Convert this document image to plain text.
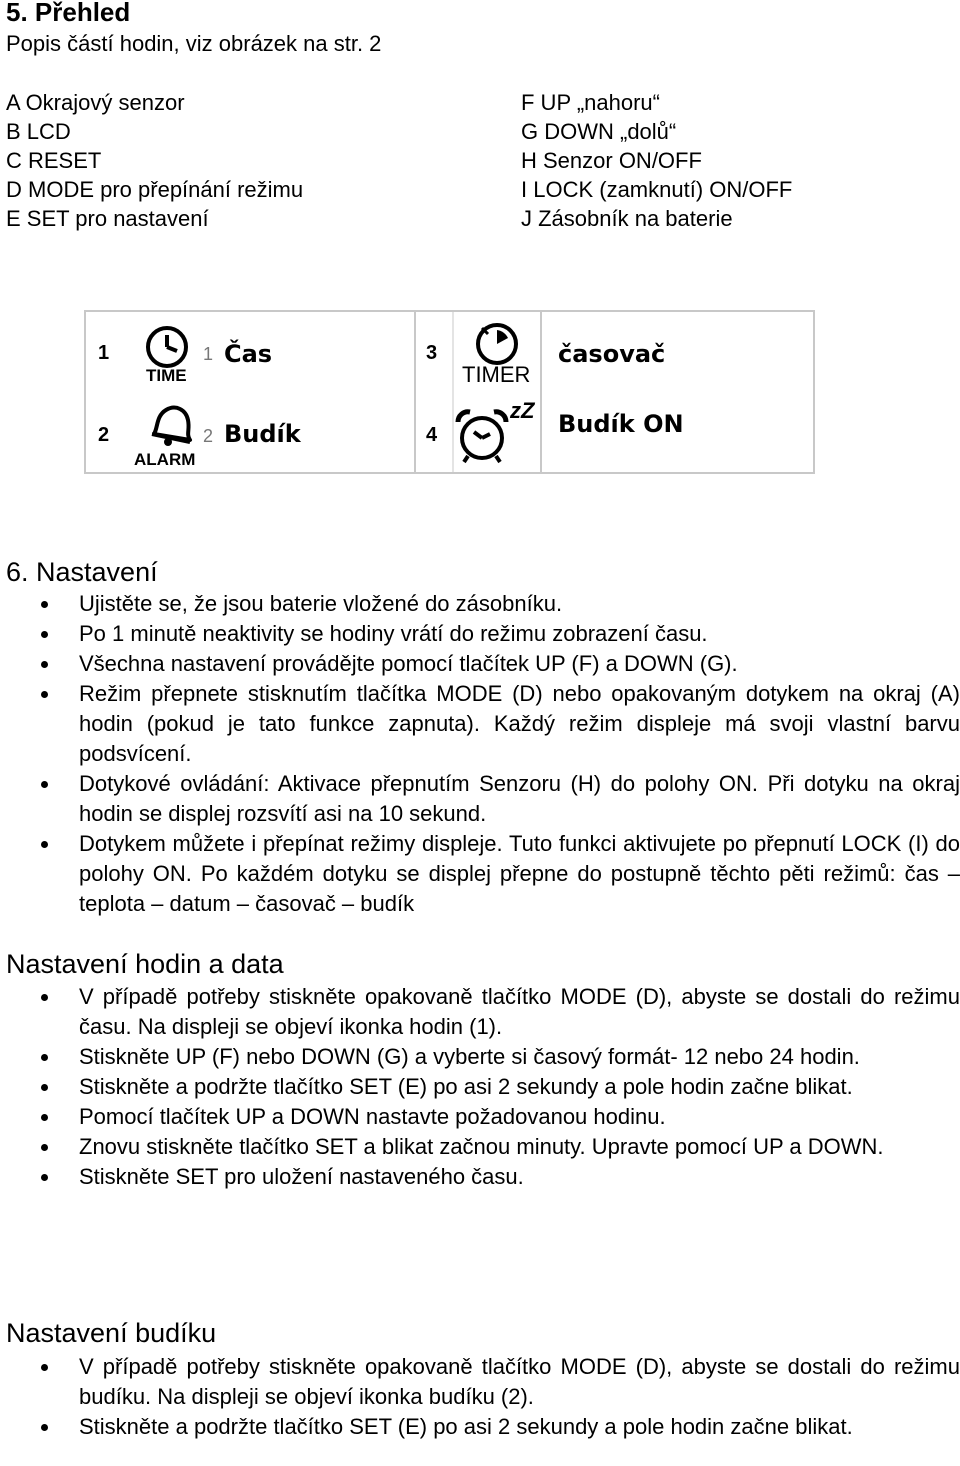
5. Přehled
Popis částí hodin, viz obrázek na str. 2
A Okrajový senzor
B LCD
C RESET
D MODE pro přepínání režimu
E SET pro nastavení
F UP „nahoru“
G DOWN „dolů“
H Senzor ON/OFF
I LOCK (zamknutí) ON/OFF
J Zásobník na baterie
1
TIME
1 Čas
2
ALARM
2 Budík
3
TIMER
časovač
4
zZ Budík ON
6. Nastavení
Ujistěte se, že jsou baterie vložené do zásobníku.
Po 1 minutě neaktivity se hodiny vrátí do režimu zobrazení času.
Všechna nastavení provádějte pomocí tlačítek UP (F) a DOWN (G).
Režim přepnete stisknutím tlačítka MODE (D) nebo opakovaným dotykem na okraj (A) hodin (pokud je tato funkce zapnuta). Každý režim displeje má svoji vlastní barvu podsvícení.
Dotykové ovládání: Aktivace přepnutím Senzoru (H) do polohy ON. Při dotyku na okraj hodin se displej rozsvítí asi na 10 sekund.
Dotykem můžete i přepínat režimy displeje. Tuto funkci aktivujete po přepnutí LOCK (I) do polohy ON. Po každém dotyku se displej přepne do postupně těchto pěti režimů: čas – teplota – datum – časovač – budík
Nastavení hodin a data
V případě potřeby stiskněte opakovaně tlačítko MODE (D), abyste se dostali do režimu času. Na displeji se objeví ikonka hodin (1).
Stiskněte UP (F) nebo DOWN (G) a vyberte si časový formát- 12 nebo 24 hodin.
Stiskněte a podržte tlačítko SET (E) po asi 2 sekundy a pole hodin začne blikat.
Pomocí tlačítek UP a DOWN nastavte požadovanou hodinu.
Znovu stiskněte tlačítko SET a blikat začnou minuty. Upravte pomocí UP a DOWN.
Stiskněte SET pro uložení nastaveného času.
Nastavení budíku
V případě potřeby stiskněte opakovaně tlačítko MODE (D), abyste se dostali do režimu budíku. Na displeji se objeví ikonka budíku (2).
Stiskněte a podržte tlačítko SET (E) po asi 2 sekundy a pole hodin začne blikat.
